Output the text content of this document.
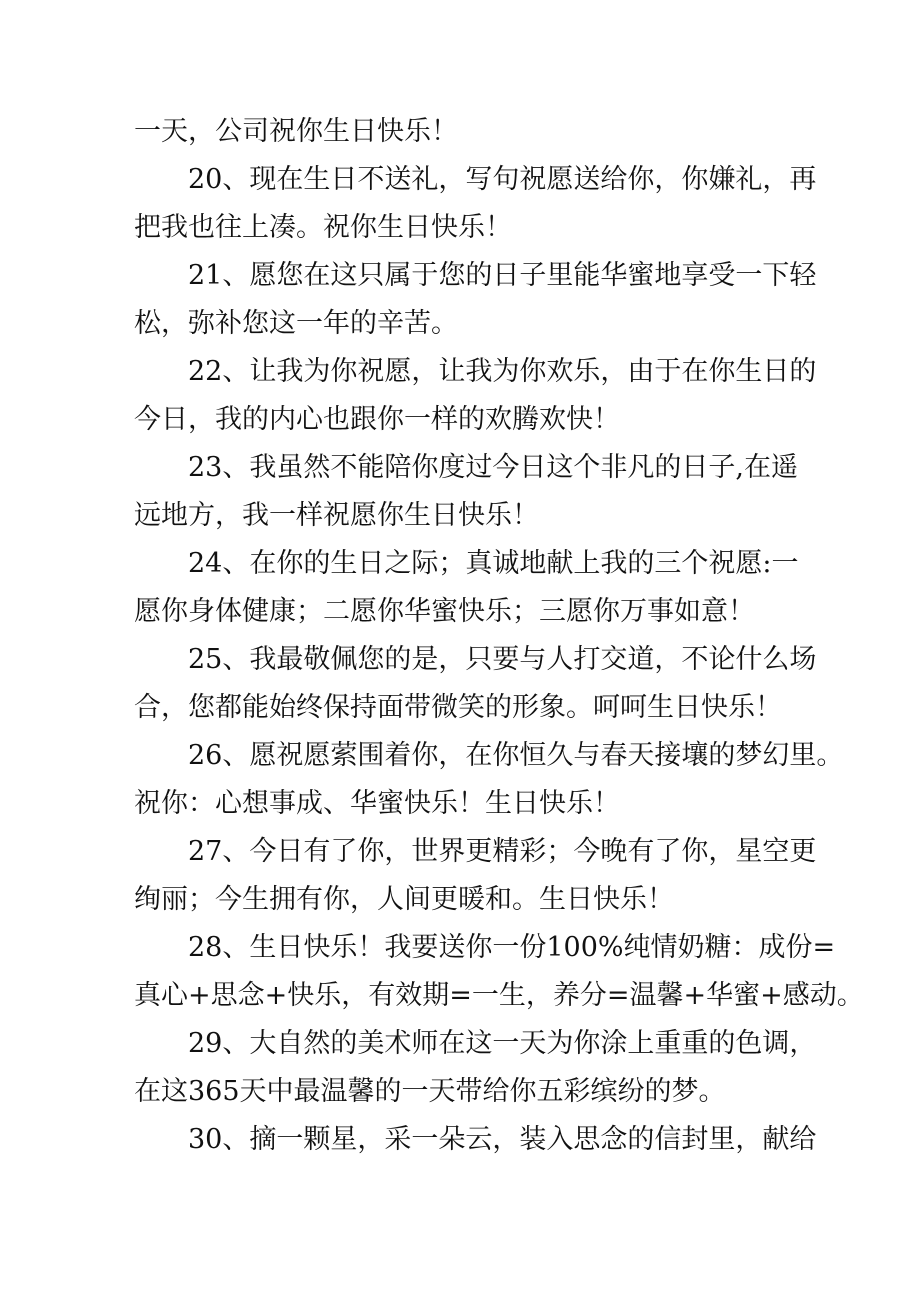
一天，公司祝你生日快乐！
20、现在生日不送礼，写句祝愿送给你，你嫌礼，再
把我也往上凑。祝你生日快乐！
21、愿您在这只属于您的日子里能华蜜地享受一下轻
松，弥补您这一年的辛苦。
22、让我为你祝愿，让我为你欢乐，由于在你生日的
今日，我的内心也跟你一样的欢腾欢快！
23、我虽然不能陪你度过今日这个非凡的日子,在遥
远地方，我一样祝愿你生日快乐！
24、在你的生日之际；真诚地献上我的三个祝愿:一
愿你身体健康；二愿你华蜜快乐；三愿你万事如意！
25、我最敬佩您的是，只要与人打交道，不论什么场
合，您都能始终保持面带微笑的形象。呵呵生日快乐！
26、愿祝愿萦围着你，在你恒久与春天接壤的梦幻里。
祝你：心想事成、华蜜快乐！生日快乐！
27、今日有了你，世界更精彩；今晚有了你，星空更
绚丽；今生拥有你，人间更暖和。生日快乐！
28、生日快乐！我要送你一份100%纯情奶糖：成份=
真心+思念+快乐，有效期=一生，养分=温馨+华蜜+感动。
29、大自然的美术师在这一天为你涂上重重的色调，
在这365天中最温馨的一天带给你五彩缤纷的梦。
30、摘一颗星，采一朵云，装入思念的信封里，献给
